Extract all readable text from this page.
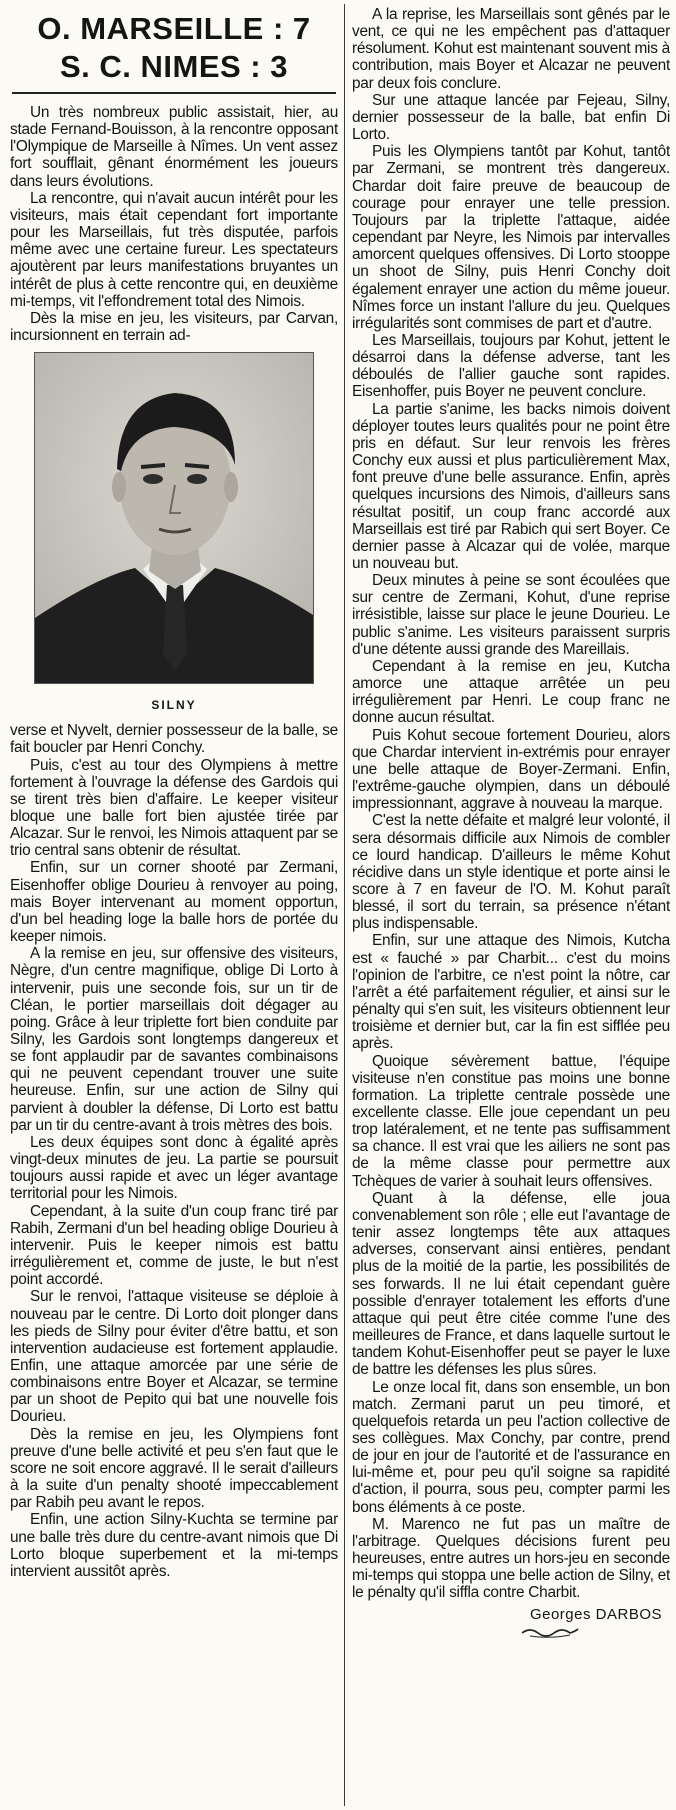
O. MARSEILLE : 7
S. C. NIMES : 3

Un très nombreux public assistait, hier, au stade Fernand-Bouisson, à la rencontre opposant l'Olympique de Marseille à Nîmes. Un vent assez fort soufflait, gênant énormément les joueurs dans leurs évolutions.

La rencontre, qui n'avait aucun intérêt pour les visiteurs, mais était cependant fort importante pour les Marseillais, fut très disputée, parfois même avec une certaine fureur. Les spectateurs ajoutèrent par leurs manifestations bruyantes un intérêt de plus à cette rencontre qui, en deuxième mi-temps, vit l'effondrement total des Nimois.

Dès la mise en jeu, les visiteurs, par Carvan, incursionnent en terrain ad-

SILNY

verse et Nyvelt, dernier possesseur de la balle, se fait boucler par Henri Conchy.

Puis, c'est au tour des Olympiens à mettre fortement à l'ouvrage la défense des Gardois qui se tirent très bien d'affaire. Le keeper visiteur bloque une balle fort bien ajustée tirée par Alcazar. Sur le renvoi, les Nimois attaquent par se trio central sans obtenir de résultat.

Enfin, sur un corner shooté par Zermani, Eisenhoffer oblige Dourieu à renvoyer au poing, mais Boyer intervenant au moment opportun, d'un bel heading loge la balle hors de portée du keeper nimois.

A la remise en jeu, sur offensive des visiteurs, Nègre, d'un centre magnifique, oblige Di Lorto à intervenir, puis une seconde fois, sur un tir de Cléan, le portier marseillais doit dégager au poing. Grâce à leur triplette fort bien conduite par Silny, les Gardois sont longtemps dangereux et se font applaudir par de savantes combinaisons qui ne peuvent cependant trouver une suite heureuse. Enfin, sur une action de Silny qui parvient à doubler la défense, Di Lorto est battu par un tir du centre-avant à trois mètres des bois.

Les deux équipes sont donc à égalité après vingt-deux minutes de jeu. La partie se poursuit toujours aussi rapide et avec un léger avantage territorial pour les Nimois.

Cependant, à la suite d'un coup franc tiré par Rabih, Zermani d'un bel heading oblige Dourieu à intervenir. Puis le keeper nimois est battu irrégulièrement et, comme de juste, le but n'est point accordé.

Sur le renvoi, l'attaque visiteuse se déploie à nouveau par le centre. Di Lorto doit plonger dans les pieds de Silny pour éviter d'être battu, et son intervention audacieuse est fortement applaudie. Enfin, une attaque amorcée par une série de combinaisons entre Boyer et Alcazar, se termine par un shoot de Pepito qui bat une nouvelle fois Dourieu.

Dès la remise en jeu, les Olympiens font preuve d'une belle activité et peu s'en faut que le score ne soit encore aggravé. Il le serait d'ailleurs à la suite d'un penalty shooté impeccablement par Rabih peu avant le repos.

Enfin, une action Silny-Kuchta se termine par une balle très dure du centre-avant nimois que Di Lorto bloque superbement et la mi-temps intervient aussitôt après.

A la reprise, les Marseillais sont gênés par le vent, ce qui ne les empêchent pas d'attaquer résolument. Kohut est maintenant souvent mis à contribution, mais Boyer et Alcazar ne peuvent par deux fois conclure.

Sur une attaque lancée par Fejeau, Silny, dernier possesseur de la balle, bat enfin Di Lorto.

Puis les Olympiens tantôt par Kohut, tantôt par Zermani, se montrent très dangereux. Chardar doit faire preuve de beaucoup de courage pour enrayer une telle pression. Toujours par la triplette l'attaque, aidée cependant par Neyre, les Nimois par intervalles amorcent quelques offensives. Di Lorto stooppe un shoot de Silny, puis Henri Conchy doit également enrayer une action du même joueur. Nîmes force un instant l'allure du jeu. Quelques irrégularités sont commises de part et d'autre.

Les Marseillais, toujours par Kohut, jettent le désarroi dans la défense adverse, tant les déboulés de l'allier gauche sont rapides. Eisenhoffer, puis Boyer ne peuvent conclure.

La partie s'anime, les backs nimois doivent déployer toutes leurs qualités pour ne point être pris en défaut. Sur leur renvois les frères Conchy eux aussi et plus particulièrement Max, font preuve d'une belle assurance. Enfin, après quelques incursions des Nimois, d'ailleurs sans résultat positif, un coup franc accordé aux Marseillais est tiré par Rabich qui sert Boyer. Ce dernier passe à Alcazar qui de volée, marque un nouveau but.

Deux minutes à peine se sont écoulées que sur centre de Zermani, Kohut, d'une reprise irrésistible, laisse sur place le jeune Dourieu. Le public s'anime. Les visiteurs paraissent surpris d'une détente aussi grande des Mareillais.

Cependant à la remise en jeu, Kutcha amorce une attaque arrêtée un peu irrégulièrement par Henri. Le coup franc ne donne aucun résultat.

Puis Kohut secoue fortement Dourieu, alors que Chardar intervient in-extrémis pour enrayer une belle attaque de Boyer-Zermani. Enfin, l'extrême-gauche olympien, dans un déboulé impressionnant, aggrave à nouveau la marque.

C'est la nette défaite et malgré leur volonté, il sera désormais difficile aux Nimois de combler ce lourd handicap. D'ailleurs le même Kohut récidive dans un style identique et porte ainsi le score à 7 en faveur de l'O. M. Kohut paraît blessé, il sort du terrain, sa présence n'étant plus indispensable.

Enfin, sur une attaque des Nimois, Kutcha est « fauché » par Charbit... c'est du moins l'opinion de l'arbitre, ce n'est point la nôtre, car l'arrêt a été parfaitement régulier, et ainsi sur le pénalty qui s'en suit, les visiteurs obtiennent leur troisième et dernier but, car la fin est sifflée peu après.

Quoique sévèrement battue, l'équipe visiteuse n'en constitue pas moins une bonne formation. La triplette centrale possède une excellente classe. Elle joue cependant un peu trop latéralement, et ne tente pas suffisamment sa chance. Il est vrai que les ailiers ne sont pas de la même classe pour permettre aux Tchèques de varier à souhait leurs offensives.

Quant à la défense, elle joua convenablement son rôle ; elle eut l'avantage de tenir assez longtemps tête aux attaques adverses, conservant ainsi entières, pendant plus de la moitié de la partie, les possibilités de ses forwards. Il ne lui était cependant guère possible d'enrayer totalement les efforts d'une attaque qui peut être citée comme l'une des meilleures de France, et dans laquelle surtout le tandem Kohut-Eisenhoffer peut se payer le luxe de battre les défenses les plus sûres.

Le onze local fit, dans son ensemble, un bon match. Zermani parut un peu timoré, et quelquefois retarda un peu l'action collective de ses collègues. Max Conchy, par contre, prend de jour en jour de l'autorité et de l'assurance en lui-même et, pour peu qu'il soigne sa rapidité d'action, il pourra, sous peu, compter parmi les bons éléments à ce poste.

M. Marenco ne fut pas un maître de l'arbitrage. Quelques décisions furent peu heureuses, entre autres un hors-jeu en seconde mi-temps qui stoppa une belle action de Silny, et le pénalty qu'il siffla contre Charbit.

Georges DARBOS
